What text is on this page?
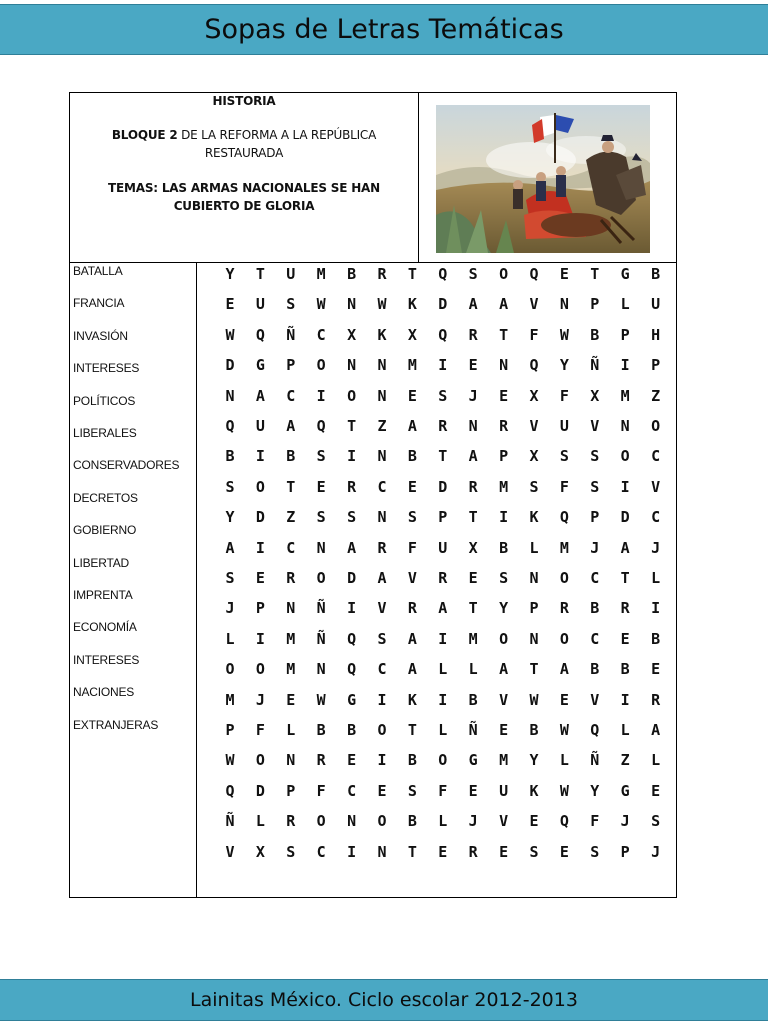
Sopas de Letras Temáticas
HISTORIA
BLOQUE 2 DE LA REFORMA A LA REPÚBLICA RESTAURADA
TEMAS: LAS ARMAS NACIONALES SE HAN CUBIERTO DE GLORIA
BATALLA
FRANCIA
INVASIÓN
INTERESES
POLÍTICOS
LIBERALES
CONSERVADORES
DECRETOS
GOBIERNO
LIBERTAD
IMPRENTA
ECONOMÍA
INTERESES
NACIONES
EXTRANJERAS
Y	T	U	M	B	R	T	Q	S	O	Q	E	T	G	B
E	U	S	W	N	W	K	D	A	A	V	N	P	L	U
W	Q	Ñ	C	X	K	X	Q	R	T	F	W	B	P	H
D	G	P	O	N	N	M	I	E	N	Q	Y	Ñ	I	P
N	A	C	I	O	N	E	S	J	E	X	F	X	M	Z
Q	U	A	Q	T	Z	A	R	N	R	V	U	V	N	O
B	I	B	S	I	N	B	T	A	P	X	S	S	O	C
S	O	T	E	R	C	E	D	R	M	S	F	S	I	V
Y	D	Z	S	S	N	S	P	T	I	K	Q	P	D	C
A	I	C	N	A	R	F	U	X	B	L	M	J	A	J
S	E	R	O	D	A	V	R	E	S	N	O	C	T	L
J	P	N	Ñ	I	V	R	A	T	Y	P	R	B	R	I
L	I	M	Ñ	Q	S	A	I	M	O	N	O	C	E	B
O	O	M	N	Q	C	A	L	L	A	T	A	B	B	E
M	J	E	W	G	I	K	I	B	V	W	E	V	I	R
P	F	L	B	B	O	T	L	Ñ	E	B	W	Q	L	A
W	O	N	R	E	I	B	O	G	M	Y	L	Ñ	Z	L
Q	D	P	F	C	E	S	F	E	U	K	W	Y	G	E
Ñ	L	R	O	N	O	B	L	J	V	E	Q	F	J	S
V	X	S	C	I	N	T	E	R	E	S	E	S	P	J
Lainitas México. Ciclo escolar 2012-2013
